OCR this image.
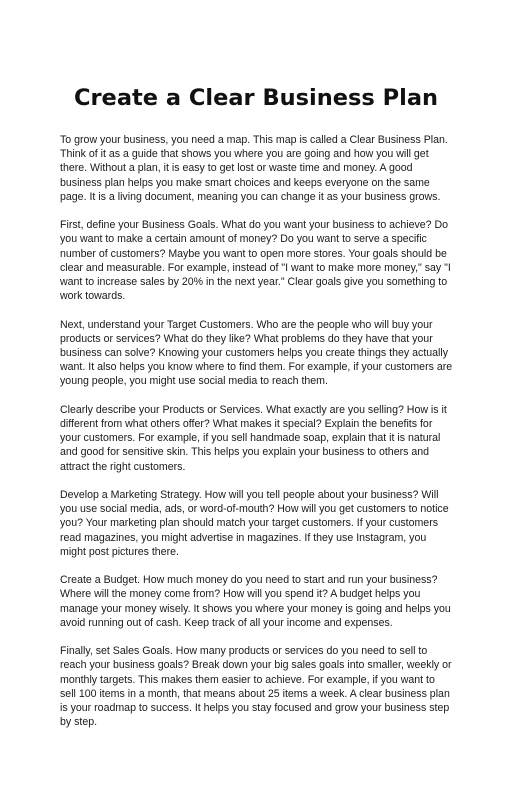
Create a Clear Business Plan

To grow your business, you need a map. This map is called a Clear Business Plan. Think of it as a guide that shows you where you are going and how you will get there. Without a plan, it is easy to get lost or waste time and money. A good business plan helps you make smart choices and keeps everyone on the same page. It is a living document, meaning you can change it as your business grows.

First, define your Business Goals. What do you want your business to achieve? Do you want to make a certain amount of money? Do you want to serve a specific number of customers? Maybe you want to open more stores. Your goals should be clear and measurable. For example, instead of "I want to make more money," say "I want to increase sales by 20% in the next year." Clear goals give you something to work towards.

Next, understand your Target Customers. Who are the people who will buy your products or services? What do they like? What problems do they have that your business can solve? Knowing your customers helps you create things they actually want. It also helps you know where to find them. For example, if your customers are young people, you might use social media to reach them.

Clearly describe your Products or Services. What exactly are you selling? How is it different from what others offer? What makes it special? Explain the benefits for your customers. For example, if you sell handmade soap, explain that it is natural and good for sensitive skin. This helps you explain your business to others and attract the right customers.

Develop a Marketing Strategy. How will you tell people about your business? Will you use social media, ads, or word-of-mouth? How will you get customers to notice you? Your marketing plan should match your target customers. If your customers read magazines, you might advertise in magazines. If they use Instagram, you might post pictures there.

Create a Budget. How much money do you need to start and run your business? Where will the money come from? How will you spend it? A budget helps you manage your money wisely. It shows you where your money is going and helps you avoid running out of cash. Keep track of all your income and expenses.

Finally, set Sales Goals. How many products or services do you need to sell to reach your business goals? Break down your big sales goals into smaller, weekly or monthly targets. This makes them easier to achieve. For example, if you want to sell 100 items in a month, that means about 25 items a week. A clear business plan is your roadmap to success. It helps you stay focused and grow your business step by step.
